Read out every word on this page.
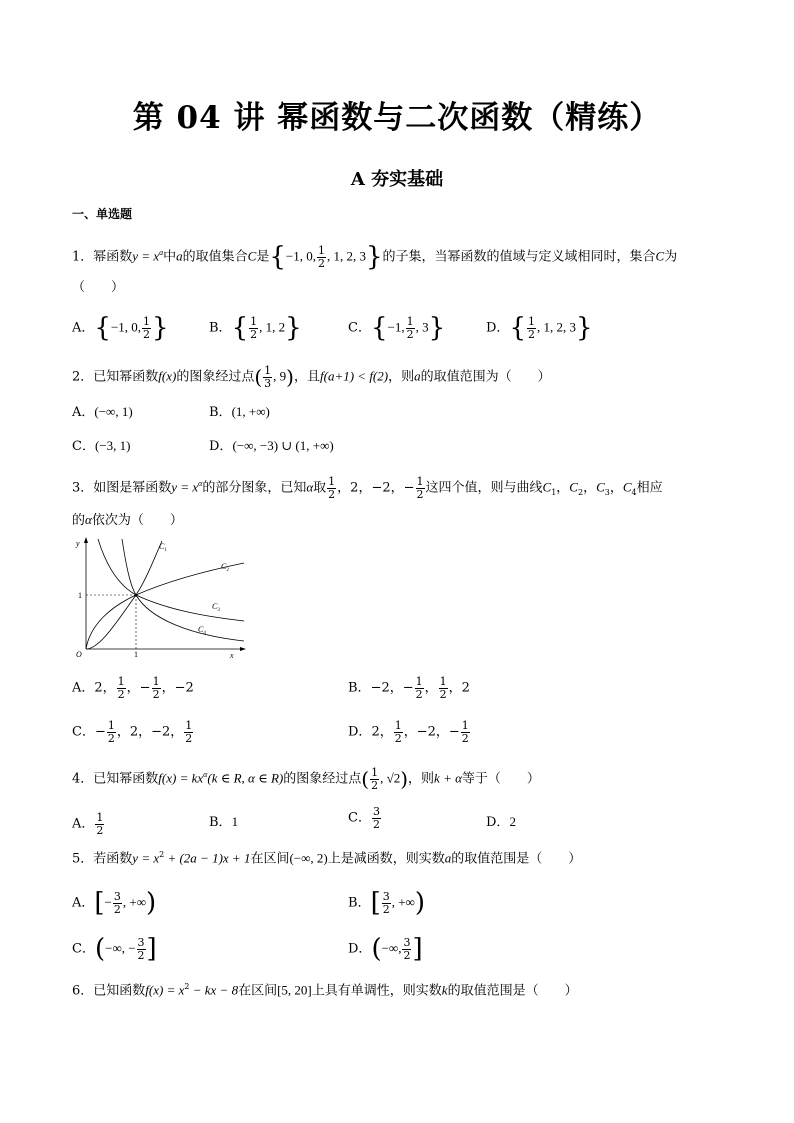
第 04 讲 幂函数与二次函数（精练）
A 夯实基础
一、单选题
1．幂函数$y = x^a$中a的取值集合C是{−1, 0, $\frac{1}{2}$ , 1, 2, 3}的子集，当幂函数的值域与定义域相同时，集合C为
（　　）
A．{−1, 0, $\frac{1}{2}$ }	B．{ $\frac{1}{2}$ , 1, 2}	C．{−1, $\frac{1}{2}$ , 3}	D．{ $\frac{1}{2}$ , 1, 2, 3}
2．已知幂函数f(x)的图象经过点( $\frac{1}{3}$ , 9)，且f(a+1) < f(2)，则a的取值范围为（　　）
A．(−∞, 1)	B．(1, +∞)
C．(−3, 1)	D．(−∞, −3) ∪ (1, +∞)
3．如图是幂函数$y = x^\alpha$的部分图象，已知α取 $\frac{1}{2}$ ，2，−2，− $\frac{1}{2}$ 这四个值，则与曲线$C_1$，$C_2$，$C_3$，$C_4$相应
的α依次为（　　）
y
1
1	x
O
$C_1$
$C_2$
$C_3$
$C_4$
A．2， $\frac{1}{2}$ ，− $\frac{1}{2}$ ，−2	B．−2，− $\frac{1}{2}$ ， $\frac{1}{2}$ ，2
C．− $\frac{1}{2}$ ，2，−2， $\frac{1}{2}$	D．2， $\frac{1}{2}$ ，−2，− $\frac{1}{2}$
4．已知幂函数$f(x) = kx^\alpha(k$ ∈ R, α ∈ R)的图象经过点( $\frac{1}{2}$ , √2)，则k + α等于（　　）
A． $\frac{1}{2}$	B．1	C． $\frac{3}{2}$	D．2
5．若函数$y = x^2 + (2a - 1)x + 1$在区间(−∞, 2)上是减函数，则实数a的取值范围是（　　）
A．[− $\frac{3}{2}$ , +∞)	B．[ $\frac{3}{2}$ , +∞)
C．(−∞, − $\frac{3}{2}$ ]	D．(−∞, $\frac{3}{2}$ ]
6．已知函数$f(x) = x^2$ − kx − 8在区间[5, 20]上具有单调性，则实数k的取值范围是（　　）
